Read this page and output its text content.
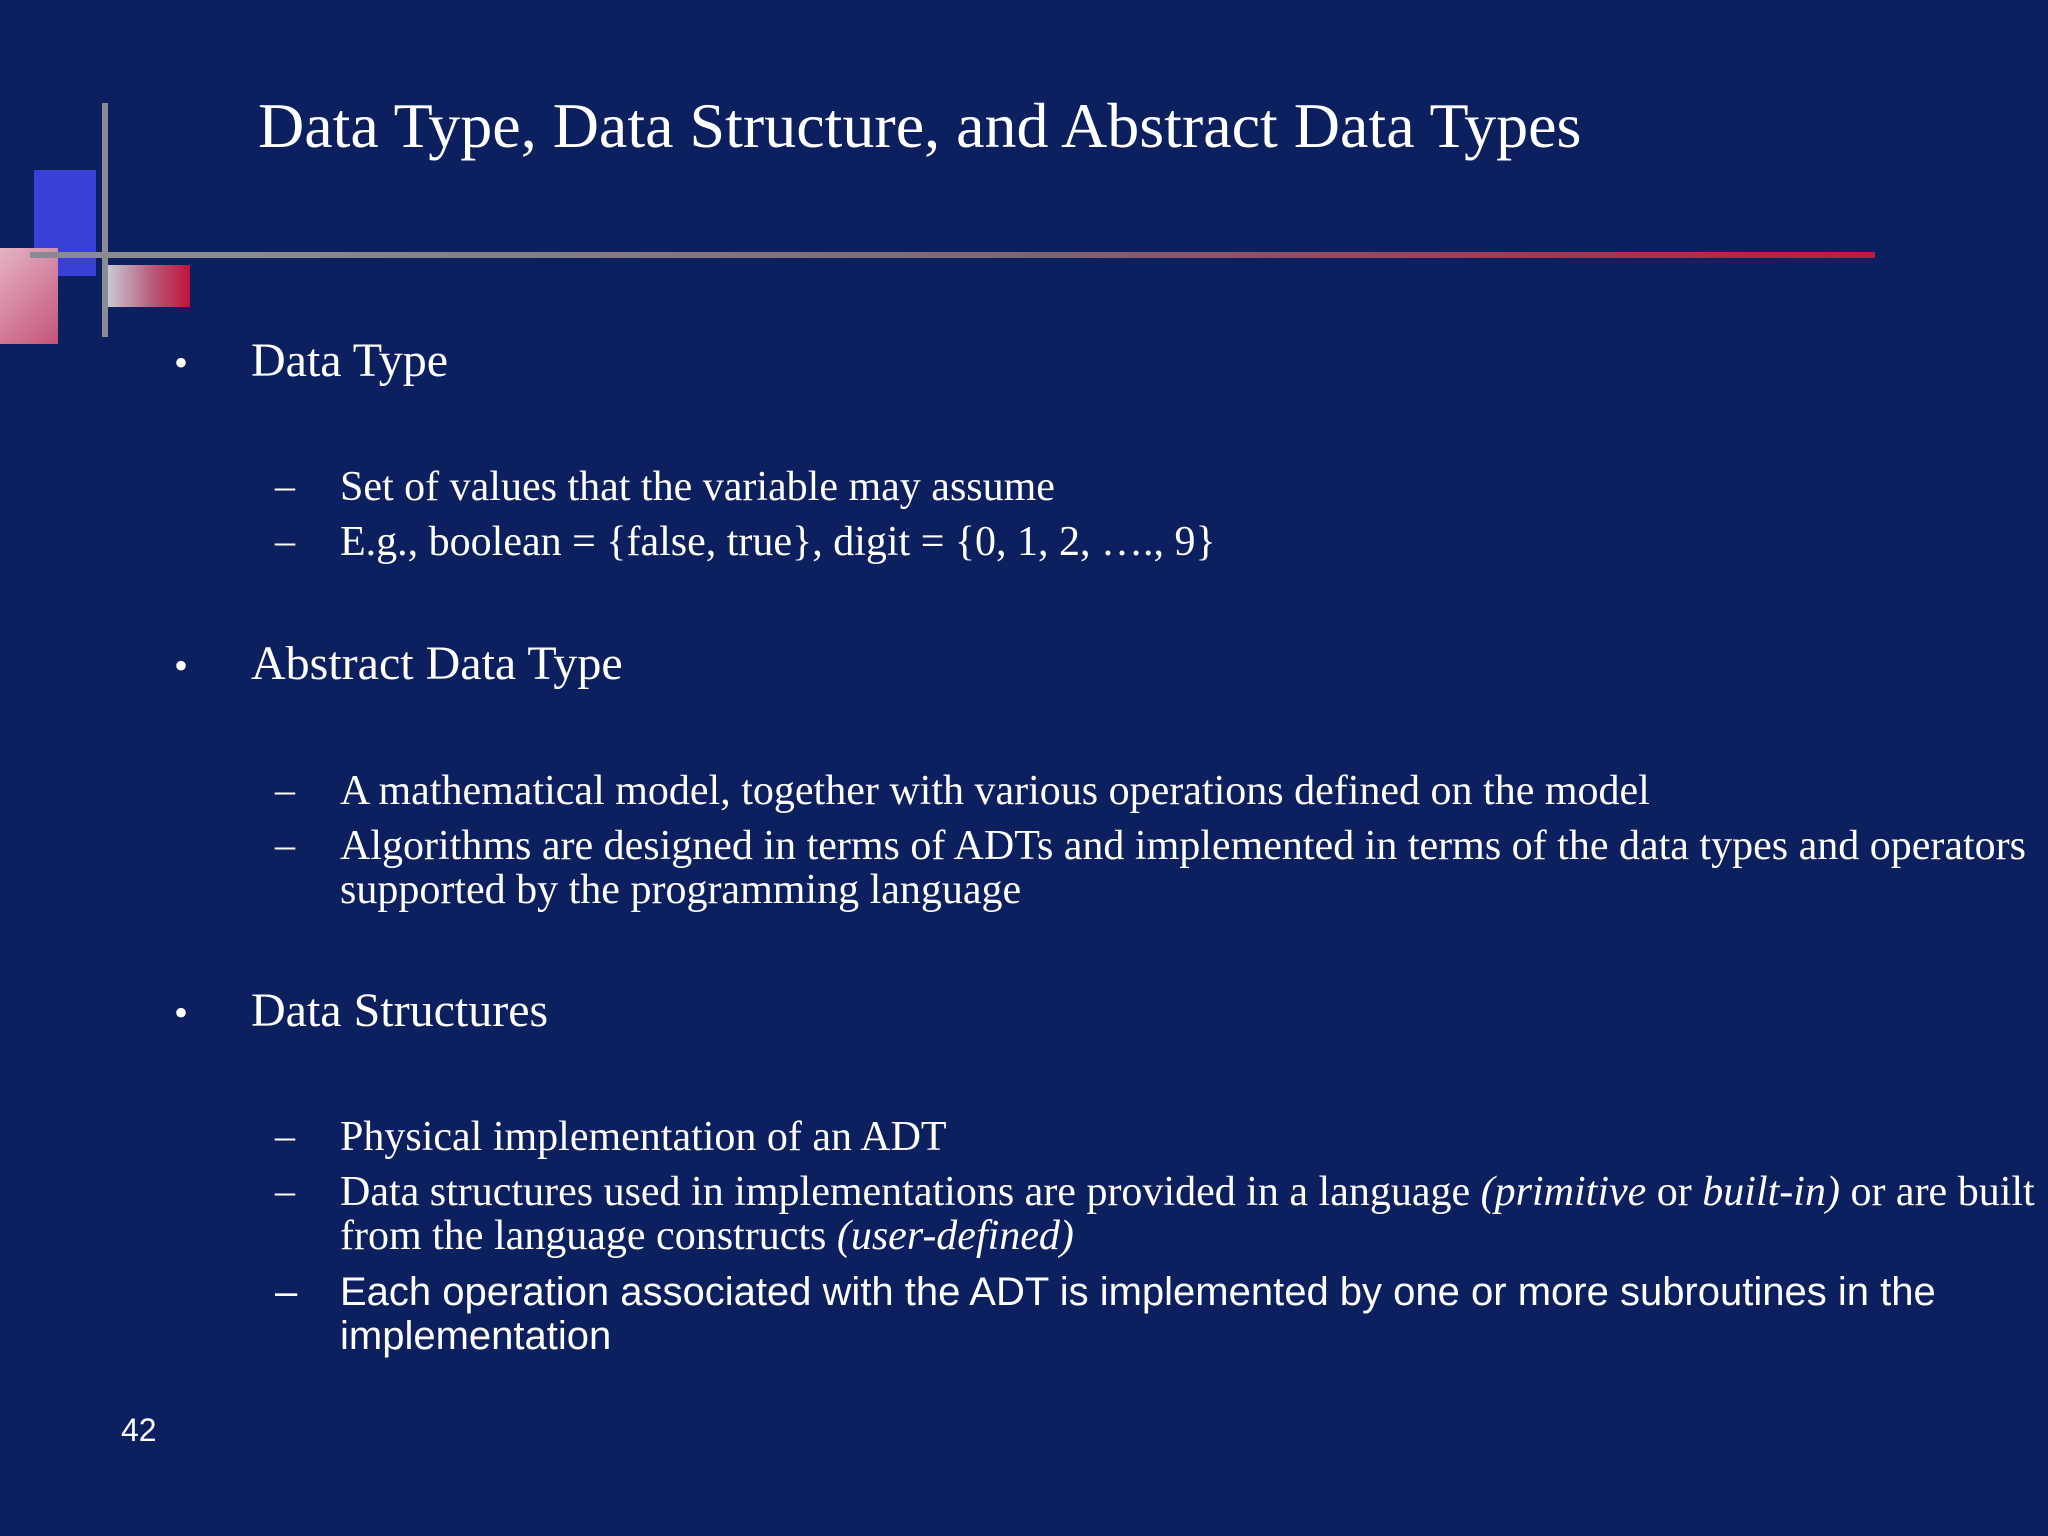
Data Type, Data Structure, and Abstract Data Types
• Data Type
– Set of values that the variable may assume
– E.g., boolean = {false, true}, digit = {0, 1, 2, …., 9}
• Abstract Data Type
– A mathematical model, together with various operations defined on the model
– Algorithms are designed in terms of ADTs and implemented in terms of the data types and operators supported by the programming language
• Data Structures
– Physical implementation of an ADT
– Data structures used in implementations are provided in a language (primitive or built-in) or are built from the language constructs (user-defined)
– Each operation associated with the ADT is implemented by one or more subroutines in the implementation
42
